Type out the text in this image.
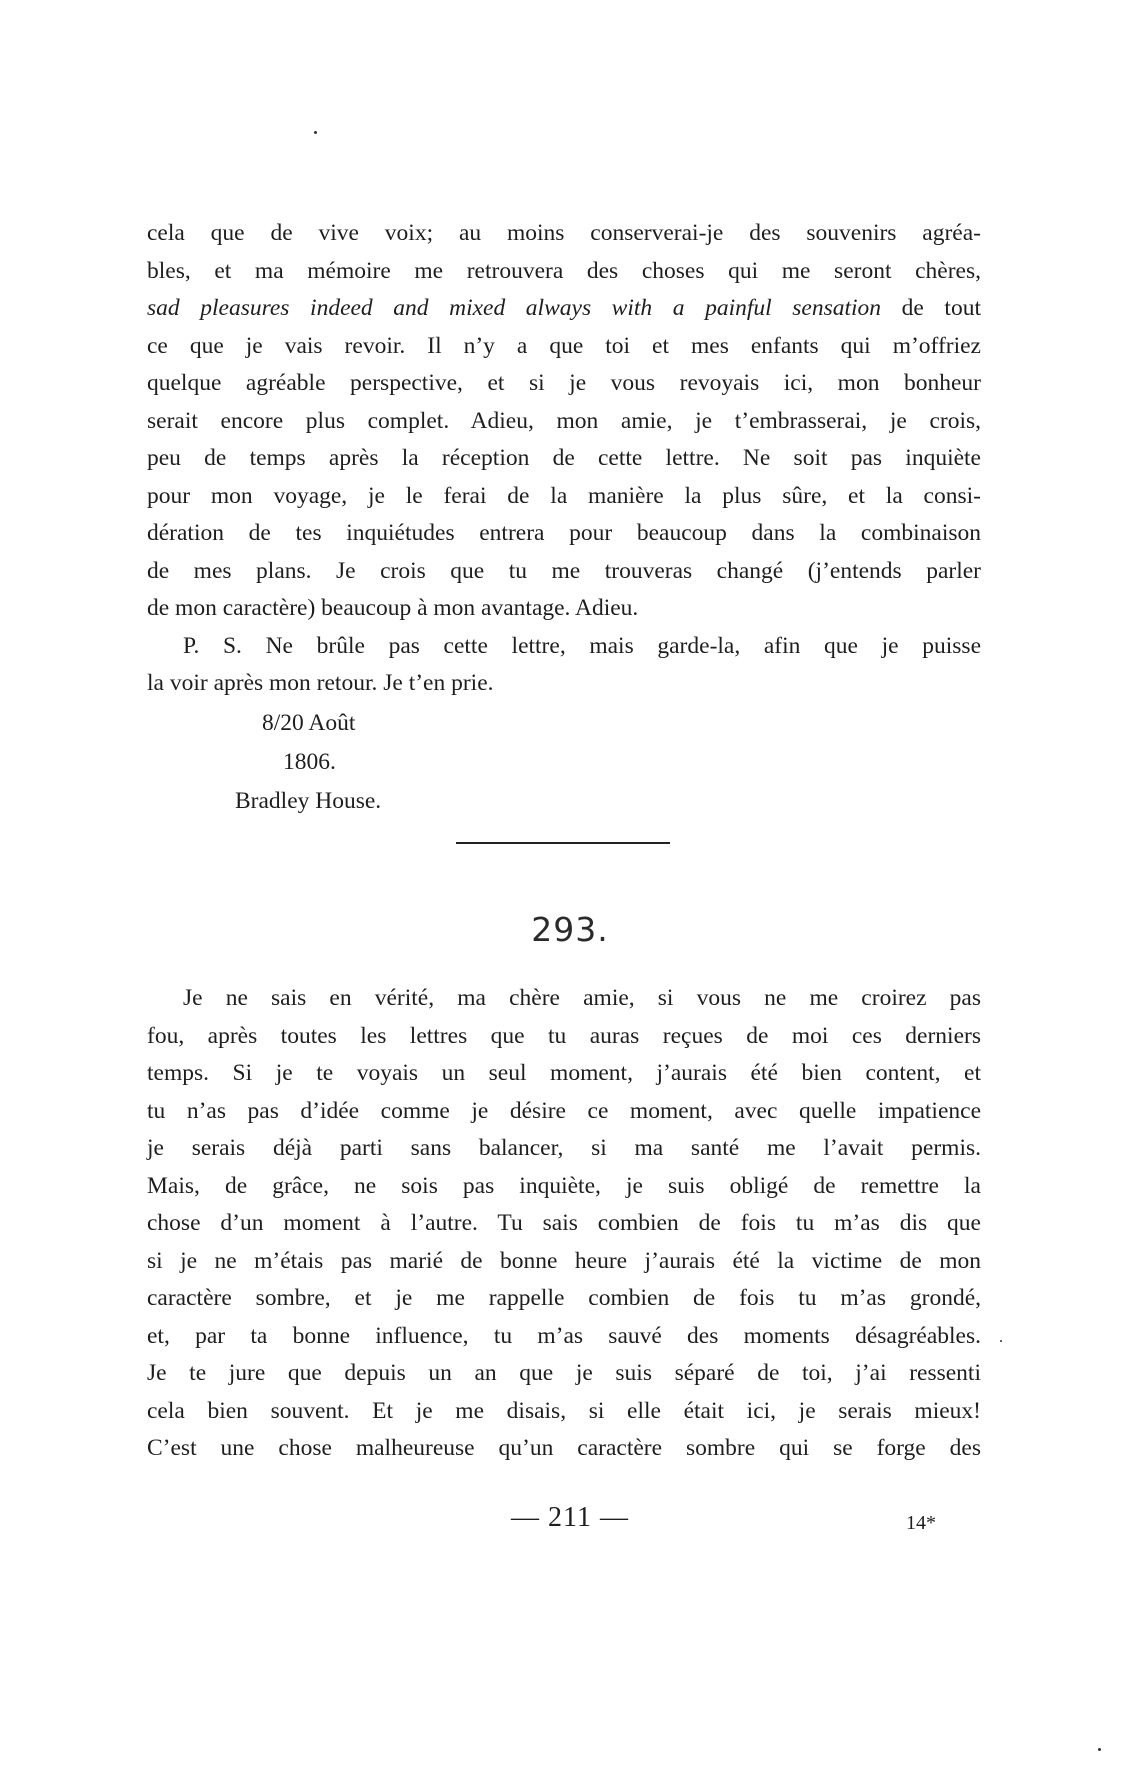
cela que de vive voix; au moins conserverai-je des souvenirs agréa-
bles, et ma mémoire me retrouvera des choses qui me seront chères,
sad pleasures indeed and mixed always with a painful sensation de tout
ce que je vais revoir. Il n’y a que toi et mes enfants qui m’offriez
quelque agréable perspective, et si je vous revoyais ici, mon bonheur
serait encore plus complet. Adieu, mon amie, je t’embrasserai, je crois,
peu de temps après la réception de cette lettre. Ne soit pas inquiète
pour mon voyage, je le ferai de la manière la plus sûre, et la consi-
dération de tes inquiétudes entrera pour beaucoup dans la combinaison
de mes plans. Je crois que tu me trouveras changé (j’entends parler
de mon caractère) beaucoup à mon avantage. Adieu.
P. S. Ne brûle pas cette lettre, mais garde-la, afin que je puisse
la voir après mon retour. Je t’en prie.
8/20 Août
1806.
Bradley House.
293.
Je ne sais en vérité, ma chère amie, si vous ne me croirez pas
fou, après toutes les lettres que tu auras reçues de moi ces derniers
temps. Si je te voyais un seul moment, j’aurais été bien content, et
tu n’as pas d’idée comme je désire ce moment, avec quelle impatience
je serais déjà parti sans balancer, si ma santé me l’avait permis.
Mais, de grâce, ne sois pas inquiète, je suis obligé de remettre la
chose d’un moment à l’autre. Tu sais combien de fois tu m’as dis que
si je ne m’étais pas marié de bonne heure j’aurais été la victime de mon
caractère sombre, et je me rappelle combien de fois tu m’as grondé,
et, par ta bonne influence, tu m’as sauvé des moments désagréables.
Je te jure que depuis un an que je suis séparé de toi, j’ai ressenti
cela bien souvent. Et je me disais, si elle était ici, je serais mieux!
C’est une chose malheureuse qu’un caractère sombre qui se forge des
— 211 —	14*
